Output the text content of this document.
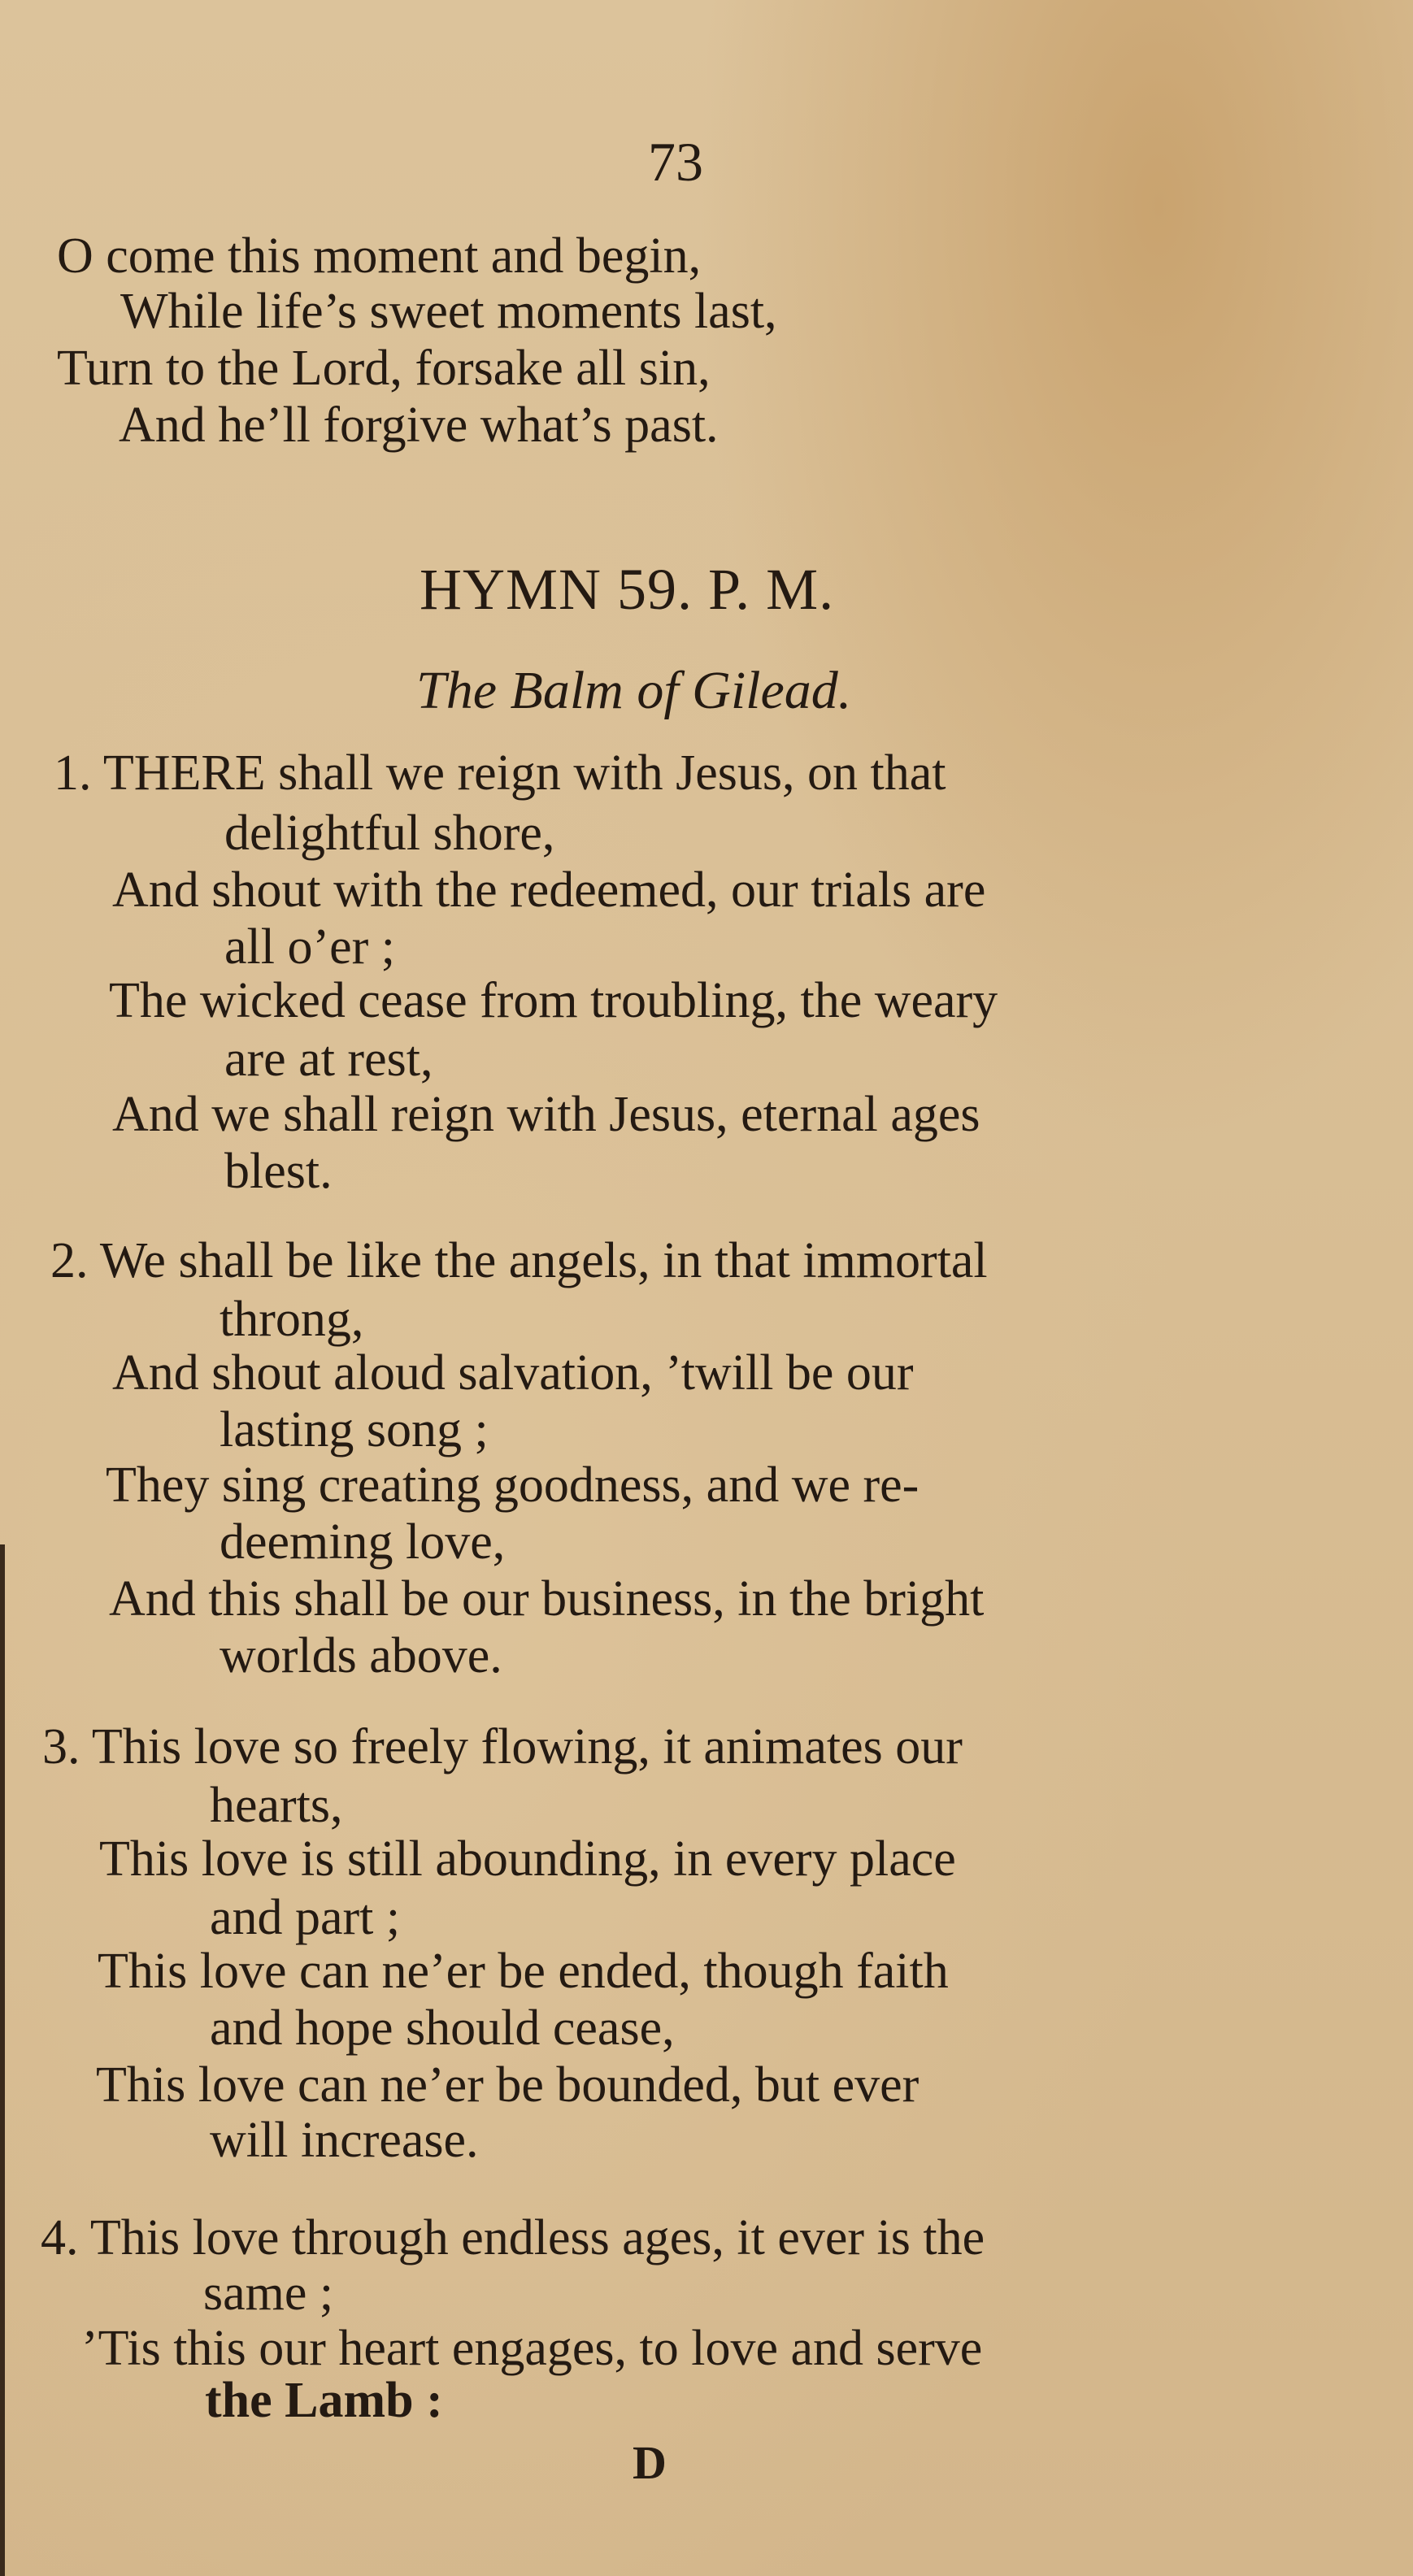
73
O come this moment and begin,
While life’s sweet moments last,
Turn to the Lord, forsake all sin,
And he’ll forgive what’s past.
HYMN 59. P. M.
The Balm of Gilead.
1. THERE shall we reign with Jesus, on that
delightful shore,
And shout with the redeemed, our trials are
all o’er ;
The wicked cease from troubling, the weary
are at rest,
And we shall reign with Jesus, eternal ages
blest.
2. We shall be like the angels, in that immortal
throng,
And shout aloud salvation, ’twill be our
lasting song ;
They sing creating goodness, and we re-
deeming love,
And this shall be our business, in the bright
worlds above.
3. This love so freely flowing, it animates our
hearts,
This love is still abounding, in every place
and part ;
This love can ne’er be ended, though faith
and hope should cease,
This love can ne’er be bounded, but ever
will increase.
4. This love through endless ages, it ever is the
same ;
’Tis this our heart engages, to love and serve
the Lamb :
D
